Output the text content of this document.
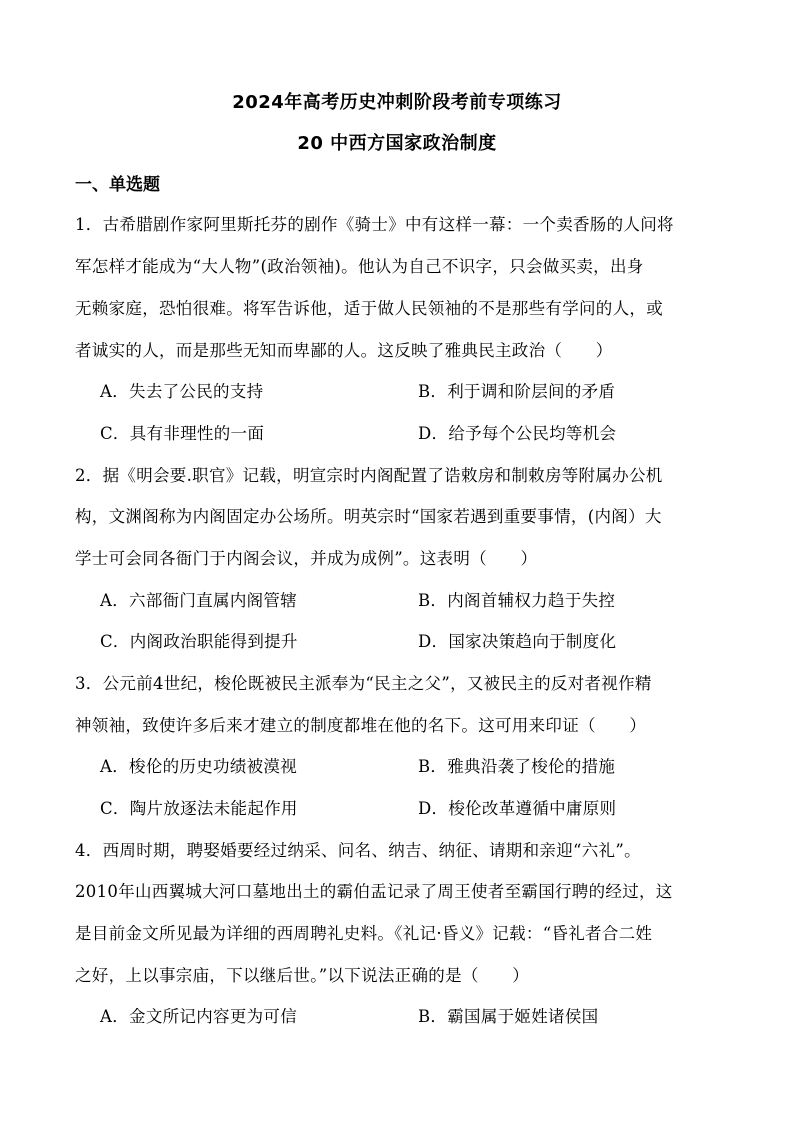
2024年高考历史冲刺阶段考前专项练习
20 中西方国家政治制度
一、单选题
1．古希腊剧作家阿里斯托芬的剧作《骑士》中有这样一幕：一个卖香肠的人问将
军怎样才能成为“大人物”(政治领袖)。他认为自己不识字，只会做买卖，出身
无赖家庭，恐怕很难。将军告诉他，适于做人民领袖的不是那些有学问的人，或
者诚实的人，而是那些无知而卑鄙的人。这反映了雅典民主政治（　　）
A．失去了公民的支持	B．利于调和阶层间的矛盾
C．具有非理性的一面	D．给予每个公民均等机会
2．据《明会要.职官》记载，明宣宗时内阁配置了诰敕房和制敕房等附属办公机
构，文渊阁称为内阁固定办公场所。明英宗时“国家若遇到重要事情，(内阁）大
学士可会同各衙门于内阁会议，并成为成例”。这表明（　　）
A．六部衙门直属内阁管辖	B．内阁首辅权力趋于失控
C．内阁政治职能得到提升	D．国家决策趋向于制度化
3．公元前4世纪，梭伦既被民主派奉为“民主之父”，又被民主的反对者视作精
神领袖，致使许多后来才建立的制度都堆在他的名下。这可用来印证（　　）
A．梭伦的历史功绩被漠视	B．雅典沿袭了梭伦的措施
C．陶片放逐法未能起作用	D．梭伦改革遵循中庸原则
4．西周时期，聘娶婚要经过纳采、问名、纳吉、纳征、请期和亲迎“六礼”。
2010年山西翼城大河口墓地出土的霸伯盂记录了周王使者至霸国行聘的经过，这
是目前金文所见最为详细的西周聘礼史料。《礼记·昏义》记载：“昏礼者合二姓
之好，上以事宗庙，下以继后世。”以下说法正确的是（　　）
A．金文所记内容更为可信	B．霸国属于姬姓诸侯国
